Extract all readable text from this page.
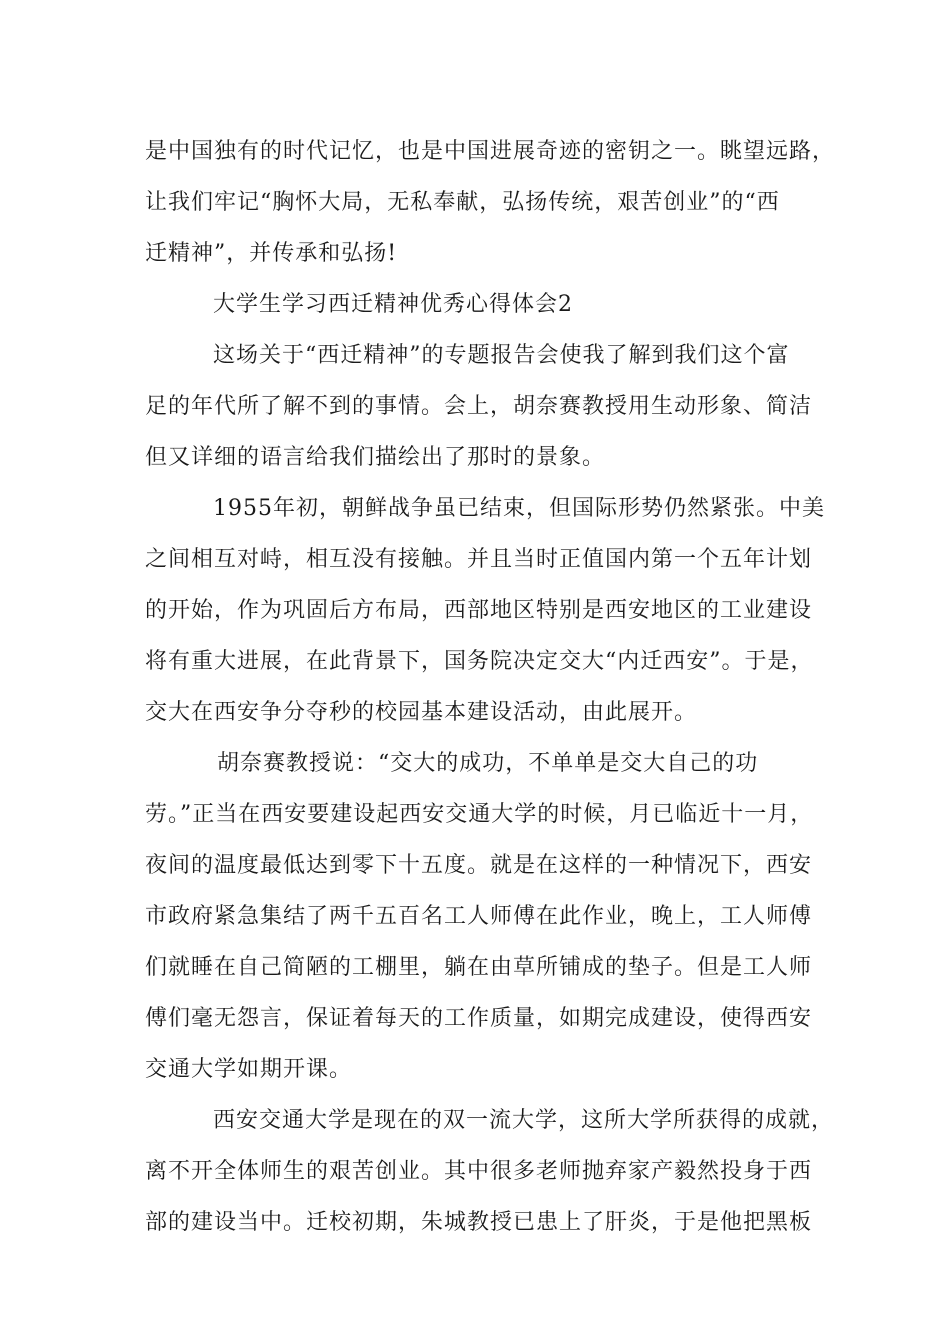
是中国独有的时代记忆，也是中国进展奇迹的密钥之一。眺望远路，
让我们牢记“胸怀大局，无私奉献，弘扬传统，艰苦创业”的“西
迁精神”，并传承和弘扬!
大学生学习西迁精神优秀心得体会2
这场关于“西迁精神”的专题报告会使我了解到我们这个富
足的年代所了解不到的事情。会上，胡奈赛教授用生动形象、简洁
但又详细的语言给我们描绘出了那时的景象。
1955年初，朝鲜战争虽已结束，但国际形势仍然紧张。中美
之间相互对峙，相互没有接触。并且当时正值国内第一个五年计划
的开始，作为巩固后方布局，西部地区特别是西安地区的工业建设
将有重大进展，在此背景下，国务院决定交大“内迁西安”。于是，
交大在西安争分夺秒的校园基本建设活动，由此展开。
胡奈赛教授说：“交大的成功，不单单是交大自己的功
劳。”正当在西安要建设起西安交通大学的时候，月已临近十一月，
夜间的温度最低达到零下十五度。就是在这样的一种情况下，西安
市政府紧急集结了两千五百名工人师傅在此作业，晚上，工人师傅
们就睡在自己简陋的工棚里，躺在由草所铺成的垫子。但是工人师
傅们毫无怨言，保证着每天的工作质量，如期完成建设，使得西安
交通大学如期开课。
西安交通大学是现在的双一流大学，这所大学所获得的成就，
离不开全体师生的艰苦创业。其中很多老师抛弃家产毅然投身于西
部的建设当中。迁校初期，朱城教授已患上了肝炎，于是他把黑板
